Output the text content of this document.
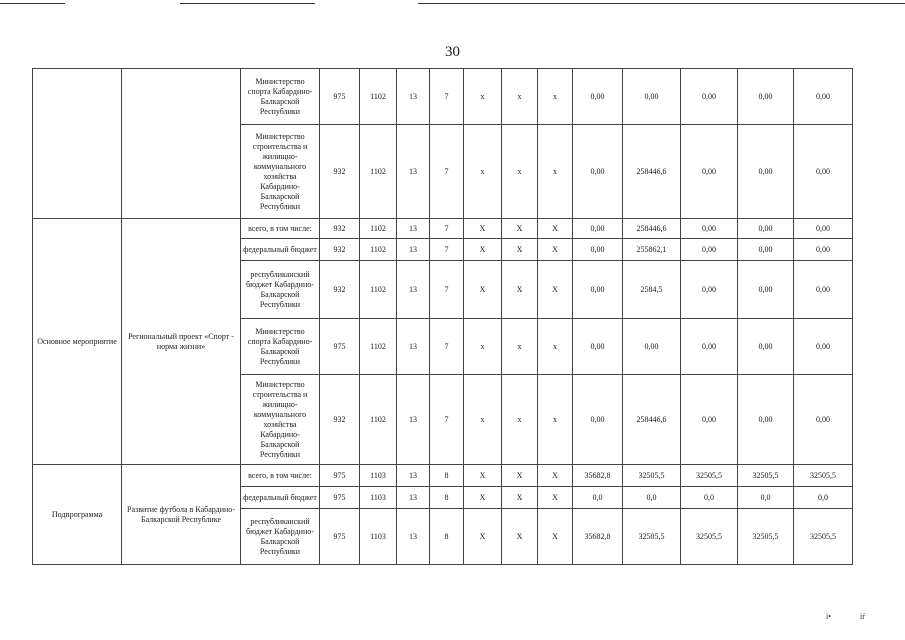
30
		Министерство спорта Кабардино-Балкарской Республики	975	1102	13	7	х	х	х	0,00	0,00	0,00	0,00	0,00
		Министерство строительства и жилищно-коммунального хозяйства Кабардино-Балкарской Республики	932	1102	13	7	х	х	х	0,00	258446,6	0,00	0,00	0,00
Основное мероприятие	Региональный проект «Спорт - норма жизни»	всего, в том числе:	932	1102	13	7	X	X	X	0,00	258446,6	0,00	0,00	0,00
		федеральный бюджет	932	1102	13	7	X	X	X	0,00	255862,1	0,00	0,00	0,00
		республиканский бюджет Кабардино-Балкарской Республики	932	1102	13	7	X	X	X	0,00	2584,5	0,00	0,00	0,00
		Министерство спорта Кабардино-Балкарской Республики	975	1102	13	7	х	х	х	0,00	0,00	0,00	0,00	0,00
		Министерство строительства и жилищно-коммунального хозяйства Кабардино-Балкарской Республики	932	1102	13	7	х	х	х	0,00	258446,6	0,00	0,00	0,00
Подпрограмма	Развитие футбола в Кабардино-Балкарской Республике	всего, в том числе:	975	1103	13	8	X	X	X	35682,8	32505,5	32505,5	32505,5	32505,5
		федеральный бюджет	975	1103	13	8	X	X	X	0,0	0,0	0,0	0,0	0,0
		республиканский бюджет Кабардино-Балкарской Республики	975	1103	13	8	X	X	X	35682,8	32505,5	32505,5	32505,5	32505,5
і•	іѓ
